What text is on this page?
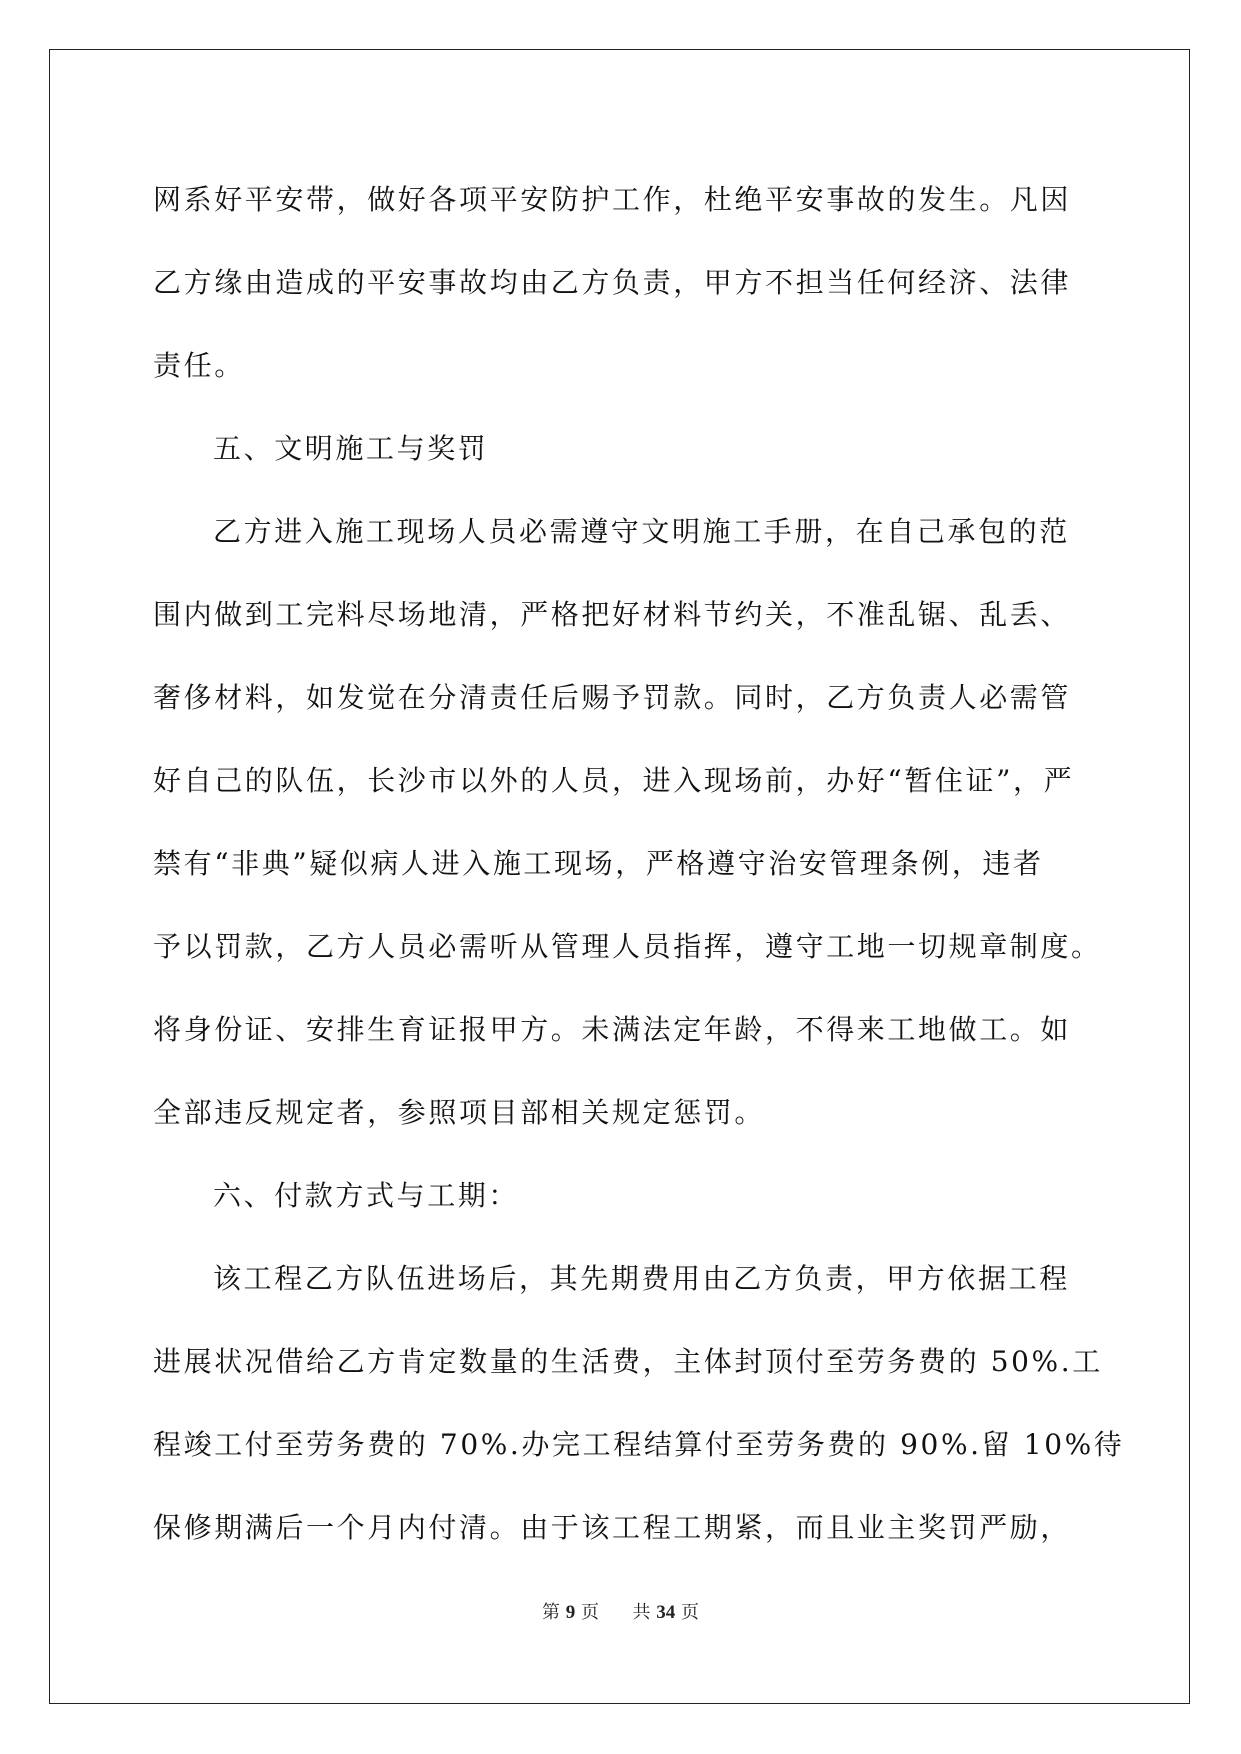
网系好平安带，做好各项平安防护工作，杜绝平安事故的发生。凡因
乙方缘由造成的平安事故均由乙方负责，甲方不担当任何经济、法律
责任。
五、文明施工与奖罚
乙方进入施工现场人员必需遵守文明施工手册，在自己承包的范
围内做到工完料尽场地清，严格把好材料节约关，不准乱锯、乱丢、
奢侈材料，如发觉在分清责任后赐予罚款。同时，乙方负责人必需管
好自己的队伍，长沙市以外的人员，进入现场前，办好“暂住证”，严
禁有“非典”疑似病人进入施工现场，严格遵守治安管理条例，违者
予以罚款，乙方人员必需听从管理人员指挥，遵守工地一切规章制度。
将身份证、安排生育证报甲方。未满法定年龄，不得来工地做工。如
全部违反规定者，参照项目部相关规定惩罚。
六、付款方式与工期：
该工程乙方队伍进场后，其先期费用由乙方负责，甲方依据工程
进展状况借给乙方肯定数量的生活费，主体封顶付至劳务费的 50%.工
程竣工付至劳务费的 70%.办完工程结算付至劳务费的 90%.留 10%待
保修期满后一个月内付清。由于该工程工期紧，而且业主奖罚严励，
第 9 页 共 34 页
